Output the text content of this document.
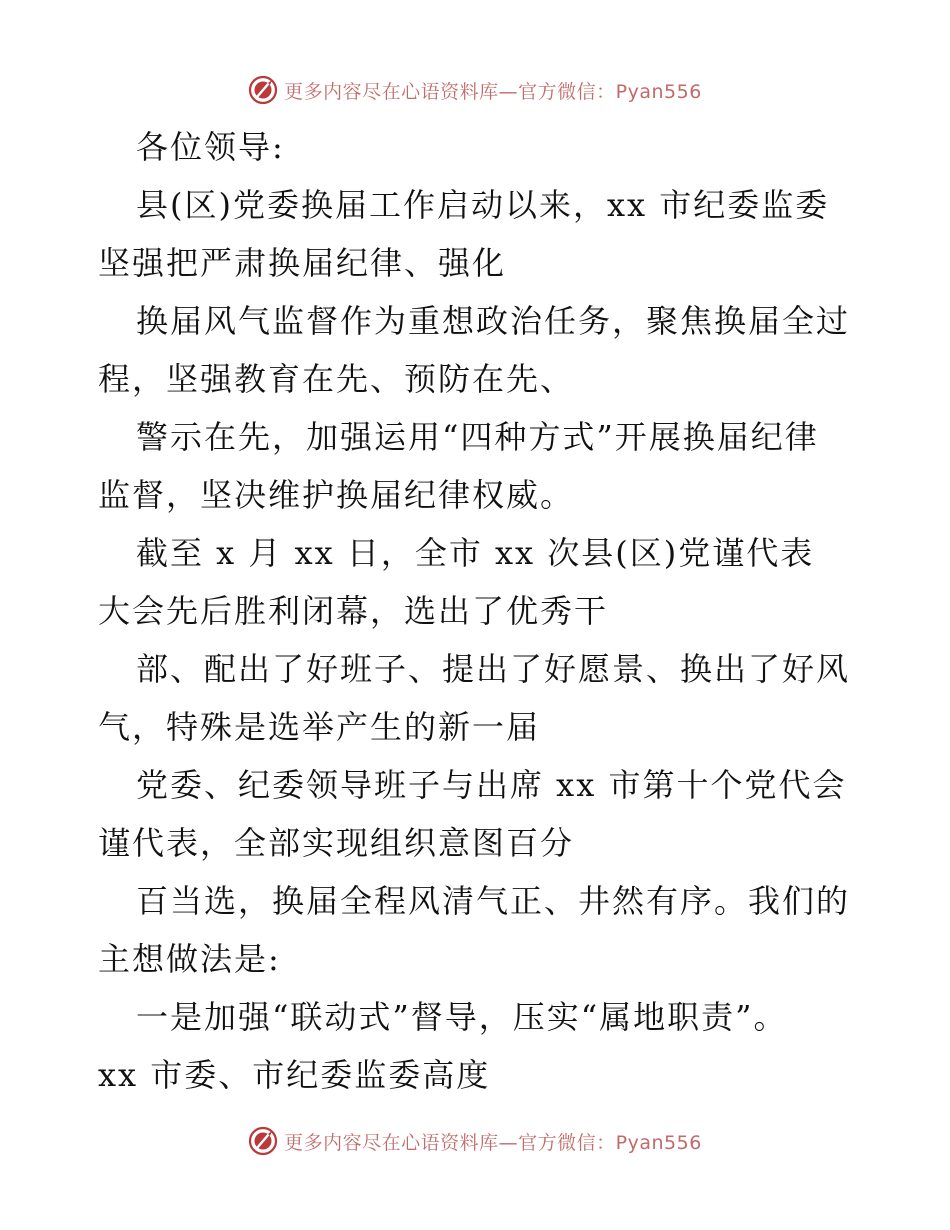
更多内容尽在心语资料库—官方微信：Pyan556
各位领导:
县(区)党委换届工作启动以来，xx 市纪委监委
坚强把严肃换届纪律、强化
换届风气监督作为重想政治任务，聚焦换届全过
程，坚强教育在先、预防在先、
警示在先，加强运用“四种方式”开展换届纪律
监督，坚决维护换届纪律权威。
截至 x 月 xx 日，全市 xx 次县(区)党谨代表
大会先后胜利闭幕，选出了优秀干
部、配出了好班子、提出了好愿景、换出了好风
气，特殊是选举产生的新一届
党委、纪委领导班子与出席 xx 市第十个党代会
谨代表，全部实现组织意图百分
百当选，换届全程风清气正、井然有序。我们的
主想做法是:
一是加强“联动式”督导，压实“属地职责”。
xx 市委、市纪委监委高度
更多内容尽在心语资料库—官方微信：Pyan556
